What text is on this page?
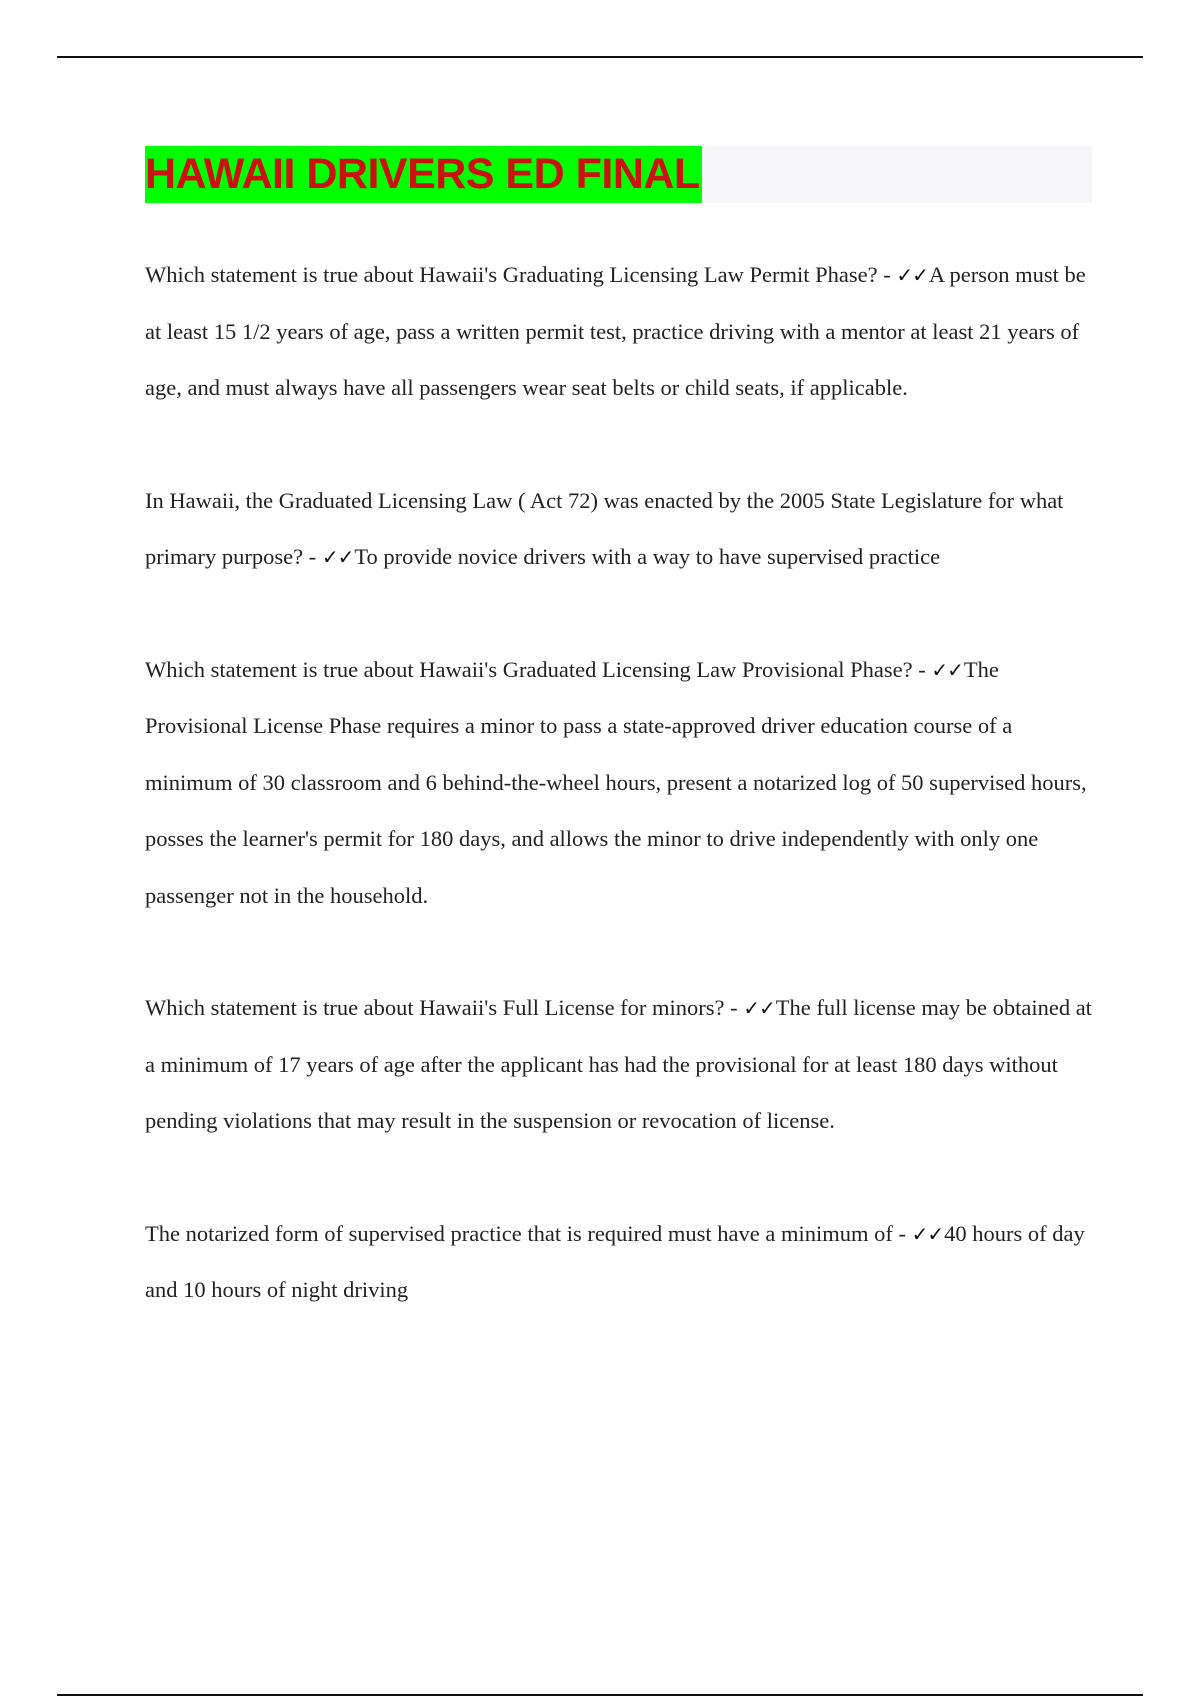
HAWAII DRIVERS ED FINAL

Which statement is true about Hawaii's Graduating Licensing Law Permit Phase? - ✓✓A person must be at least 15 1/2 years of age, pass a written permit test, practice driving with a mentor at least 21 years of age, and must always have all passengers wear seat belts or child seats, if applicable.

In Hawaii, the Graduated Licensing Law ( Act 72) was enacted by the 2005 State Legislature for what primary purpose? - ✓✓To provide novice drivers with a way to have supervised practice

Which statement is true about Hawaii's Graduated Licensing Law Provisional Phase? - ✓✓The Provisional License Phase requires a minor to pass a state-approved driver education course of a minimum of 30 classroom and 6 behind-the-wheel hours, present a notarized log of 50 supervised hours, posses the learner's permit for 180 days, and allows the minor to drive independently with only one passenger not in the household.

Which statement is true about Hawaii's Full License for minors? - ✓✓The full license may be obtained at a minimum of 17 years of age after the applicant has had the provisional for at least 180 days without pending violations that may result in the suspension or revocation of license.

The notarized form of supervised practice that is required must have a minimum of - ✓✓40 hours of day and 10 hours of night driving
